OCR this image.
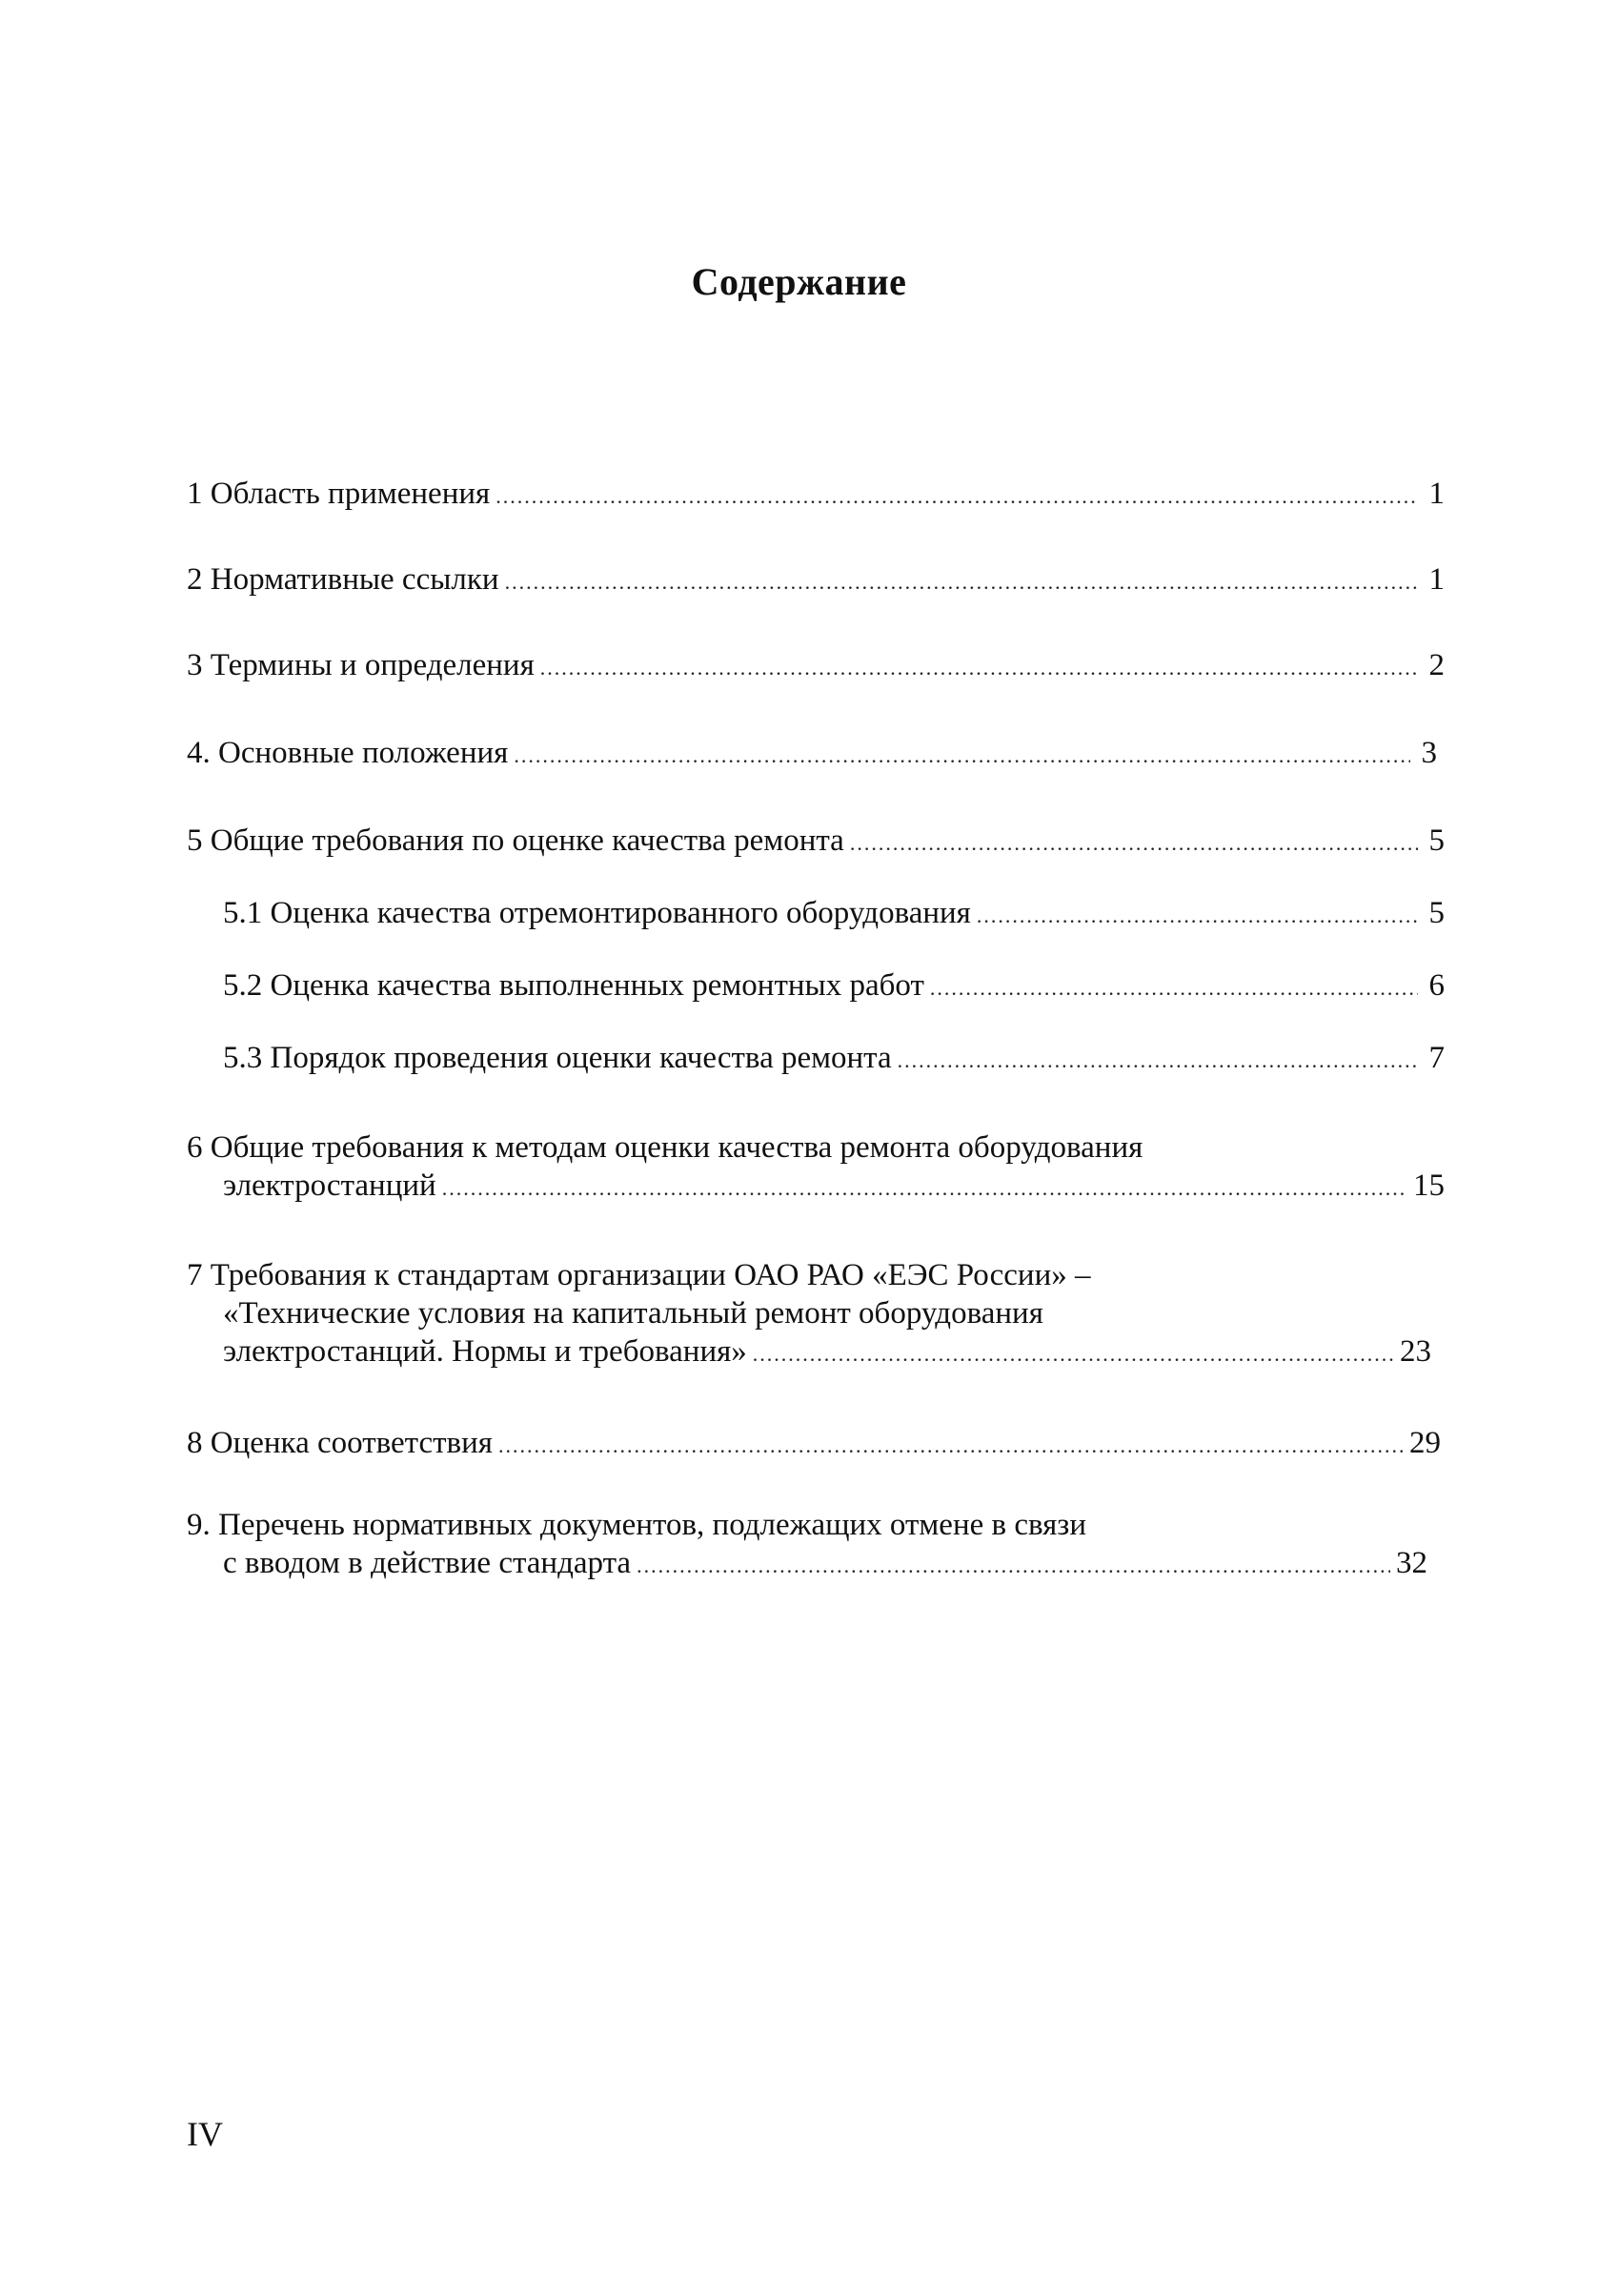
Содержание
1 Область применения .....	1
2 Нормативные ссылки .....	1
3 Термины и определения .....	2
4. Основные положения .....	3
5 Общие требования по оценке качества ремонта .....	5
5.1 Оценка качества отремонтированного оборудования .....	5
5.2 Оценка качества выполненных ремонтных работ .....	6
5.3 Порядок проведения оценки качества ремонта .....	7
6 Общие требования к методам оценки качества ремонта оборудования
электростанций .....	15
7 Требования к стандартам организации ОАО РАО «ЕЭС России» –
«Технические условия на капитальный ремонт оборудования
электростанций. Нормы и требования» .....	23
8 Оценка соответствия .....	29
9. Перечень нормативных документов, подлежащих отмене в связи
с вводом в действие стандарта .....	32
IV
